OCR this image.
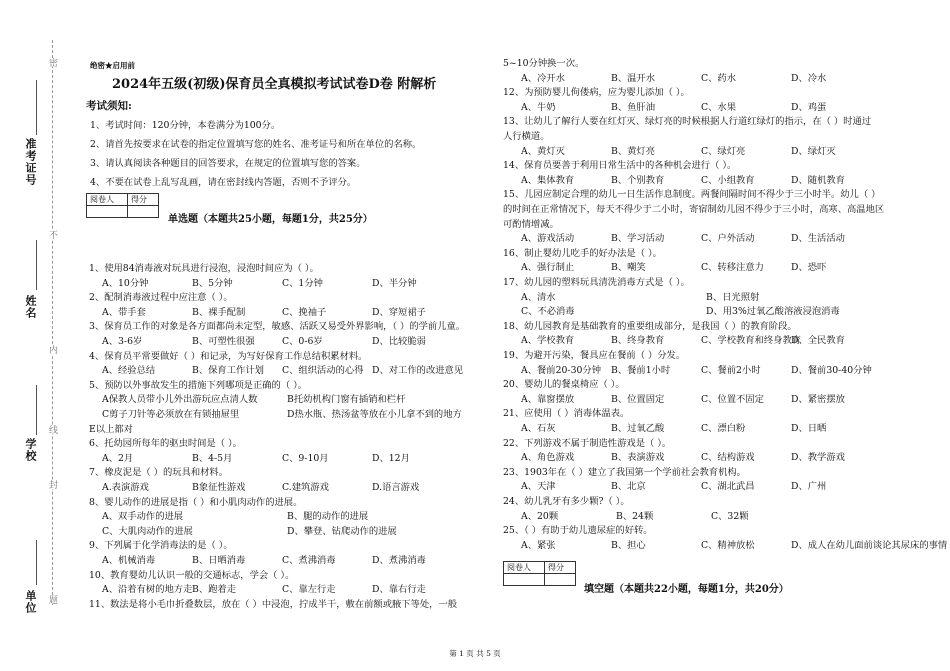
准考证号
姓名
学校
单位
密
不
内
封
题
线
绝密★启用前
2024年五级(初级)保育员全真模拟考试试卷D卷 附解析
考试须知:
1、考试时间：120分钟，本卷满分为100分。
2、请首先按要求在试卷的指定位置填写您的姓名、准考证号和所在单位的名称。
3、请认真阅读各种题目的回答要求，在规定的位置填写您的答案。
4、不要在试卷上乱写乱画，请在密封线内答题，否则不予评分。
阅卷人	得分

单选题（本题共25小题，每题1分，共25分）
1、使用84消毒液对玩具进行浸泡，浸泡时间应为（ ）。
A、10分钟	B、5分钟	C、1分钟	D、半分钟
2、配制消毒液过程中应注意（ ）。
A、带手套	B、裸手配制	C、挽袖子	D、穿短裙子
3、保育员工作的对象是各方面都尚未定型，敏感、活跃又易受外界影响，（ ）的学前儿童。
A、3-6岁	B、可塑性很强	C、0-6岁	D、比较脆弱
4、保育员平常要做好（ ）和记录，为写好保育工作总结积累材料。
A、经验总结	B、保育工作计划 C、组织活动的心得 D、对工作的改进意见
5、预防以外事故发生的措施下列哪项是正确的（ ）。
A保教人员带小儿外出游玩应点清人数	B托幼机构门窗有插销和栏杆
C剪子刀针等必须放在有锁抽屉里	D热水瓶、热汤盆等放在小儿拿不到的地方
E以上都对
6、托幼园所每年的驱虫时间是（ ）。
A、2月	B、4-5月	C、9-10月	D、12月
7、橡皮泥是（ ）的玩具和材料。
A.表演游戏	B象征性游戏	C.建筑游戏	D.语言游戏
8、婴儿动作的进展是指（ ）和小肌肉动作的进展。
A、双手动作的进展	B、腿的动作的进展
C、大肌肉动作的进展	D、攀登、钻爬动作的进展
9、下列属于化学消毒法的是（ ）。
A、机械消毒	B、日晒消毒	C、煮沸消毒	D、煮沸消毒
10、教育婴幼儿认识一般的交通标志，学会（ ）。
A、沿着有树的地方走B、跑着走	C、靠左行走	D、靠右行走
11、数法是将小毛巾折叠数层，放在（ ）中浸泡，拧成半干，敷在前额或腋下等处，一般
5~10分钟换一次。
A、冷开水	B、温开水	C、药水	D、冷水
12、为预防婴儿佝偻病，应为婴儿添加（ ）。
A、牛奶	B、鱼肝油	C、水果	D、鸡蛋
13、让幼儿了解行人要在红灯灭、绿灯亮的时候根据人行道红绿灯的指示，在（ ）时通过
人行横道。
A、黄灯灭	B、黄灯亮	C、绿灯亮	D、绿灯灭
14、保育员要善于利用日常生活中的各种机会进行（ ）。
A、集体教育	B、个别教育	C、小组教育	D、随机教育
15、儿园应制定合理的幼儿一日生活作息制度。两餐间隔时间不得少于三小时半。幼儿（ ）
的时间在正常情况下，每天不得少于二小时，寄宿制幼儿园不得少于三小时，高寒、高温地区
可酌情增减。
A、游戏活动	B、学习活动	C、户外活动	D、生活活动
16、制止婴幼儿吃手的好办法是（ ）。
A、强行制止	B、嘲笑	C、转移注意力	D、恐吓
17、幼儿园的塑料玩具清洗消毒方式是（ ）。
A、清水	B、日光照射
C、不必消毒	D、用3%过氧乙酸溶液浸泡消毒
18、幼儿园教育是基础教育的重要组成部分，是我国（ ）的教育阶段。
A、学校教育	B、终身教育	C、学校教育和终身教育D、全民教育
19、为避开污染，餐具应在餐前（ ）分发。
A、餐前20-30分钟 B、餐前1小时	C、餐前2小时	D、餐前30-40分钟
20、婴幼儿的餐桌椅应（ ）。
A、靠窗摆放	B、位置固定	C、位置不固定	D、紧密摆放
21、应使用（ ）消毒体温表。
A、石灰	B、过氧乙酸	C、漂白粉	D、日晒
22、下列游戏不属于制造性游戏是（ ）。
A、角色游戏	B、表演游戏	C、结构游戏	D、教学游戏
23、1903年在（ ）建立了我国第一个学前社会教育机构。
A、天津	B、北京	C、湖北武昌	D、广州
24、幼儿乳牙有多少颗?（ ）。
A、20颗	B、24颗	C、32颗
25、（ ）有助于幼儿遗尿症的好转。
A、紧张	B、担心	C、精神放松	D、成人在幼儿面前谈论其尿床的事情
阅卷人	得分

填空题（本题共22小题，每题1分，共20分）
第 1 页 共 5 页
